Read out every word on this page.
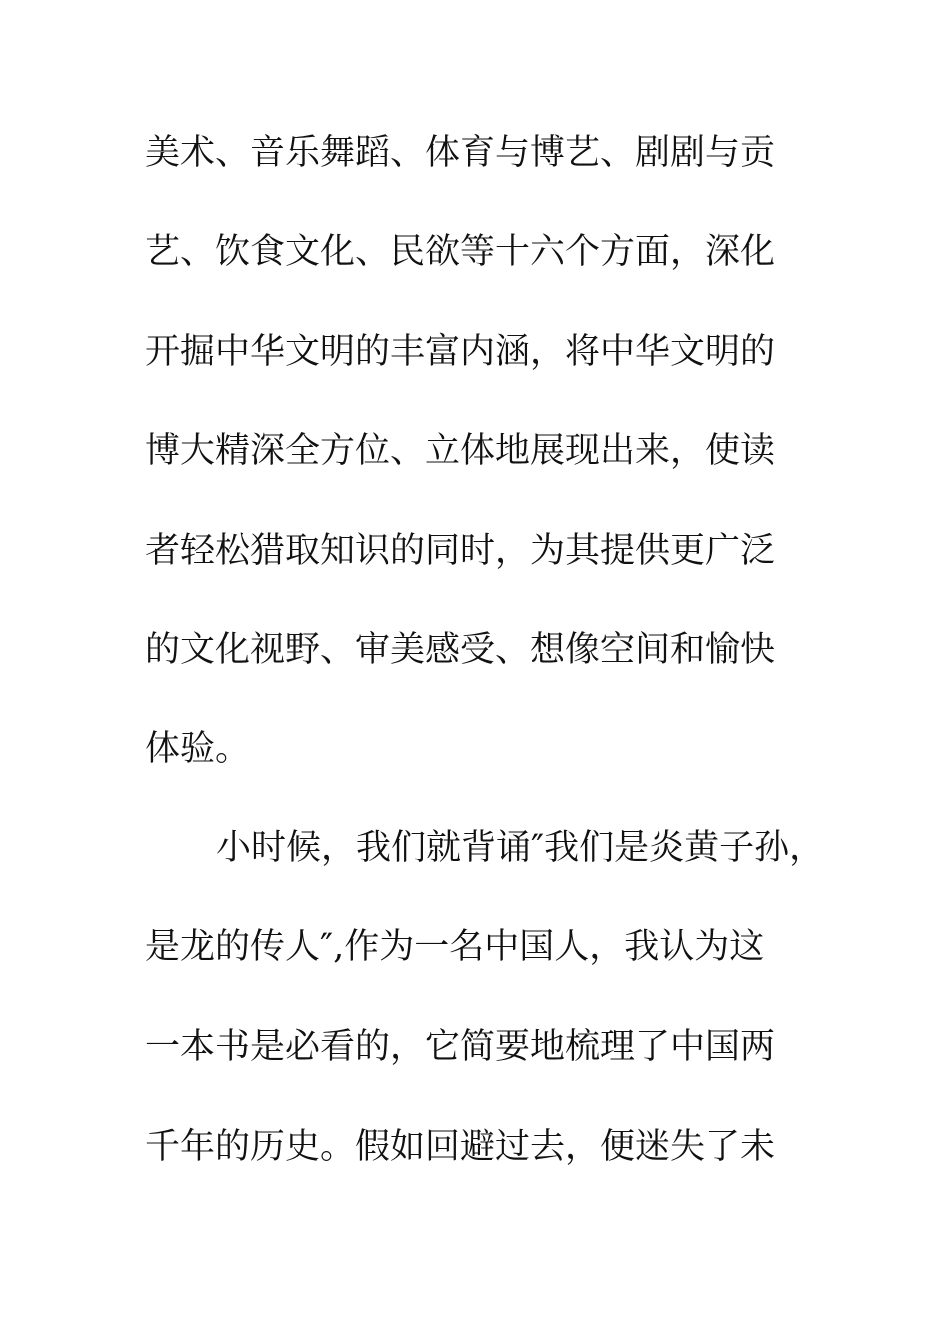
美术、音乐舞蹈、体育与博艺、剧剧与贡
艺、饮食文化、民欲等十六个方面，深化
开掘中华文明的丰富内涵，将中华文明的
博大精深全方位、立体地展现出来，使读
者轻松猎取知识的同时，为其提供更广泛
的文化视野、审美感受、想像空间和愉快
体验。
小时候，我们就背诵″我们是炎黄子孙，
是龙的传人″,作为一名中国人，我认为这
一本书是必看的，它简要地梳理了中国两
千年的历史。假如回避过去，便迷失了未
